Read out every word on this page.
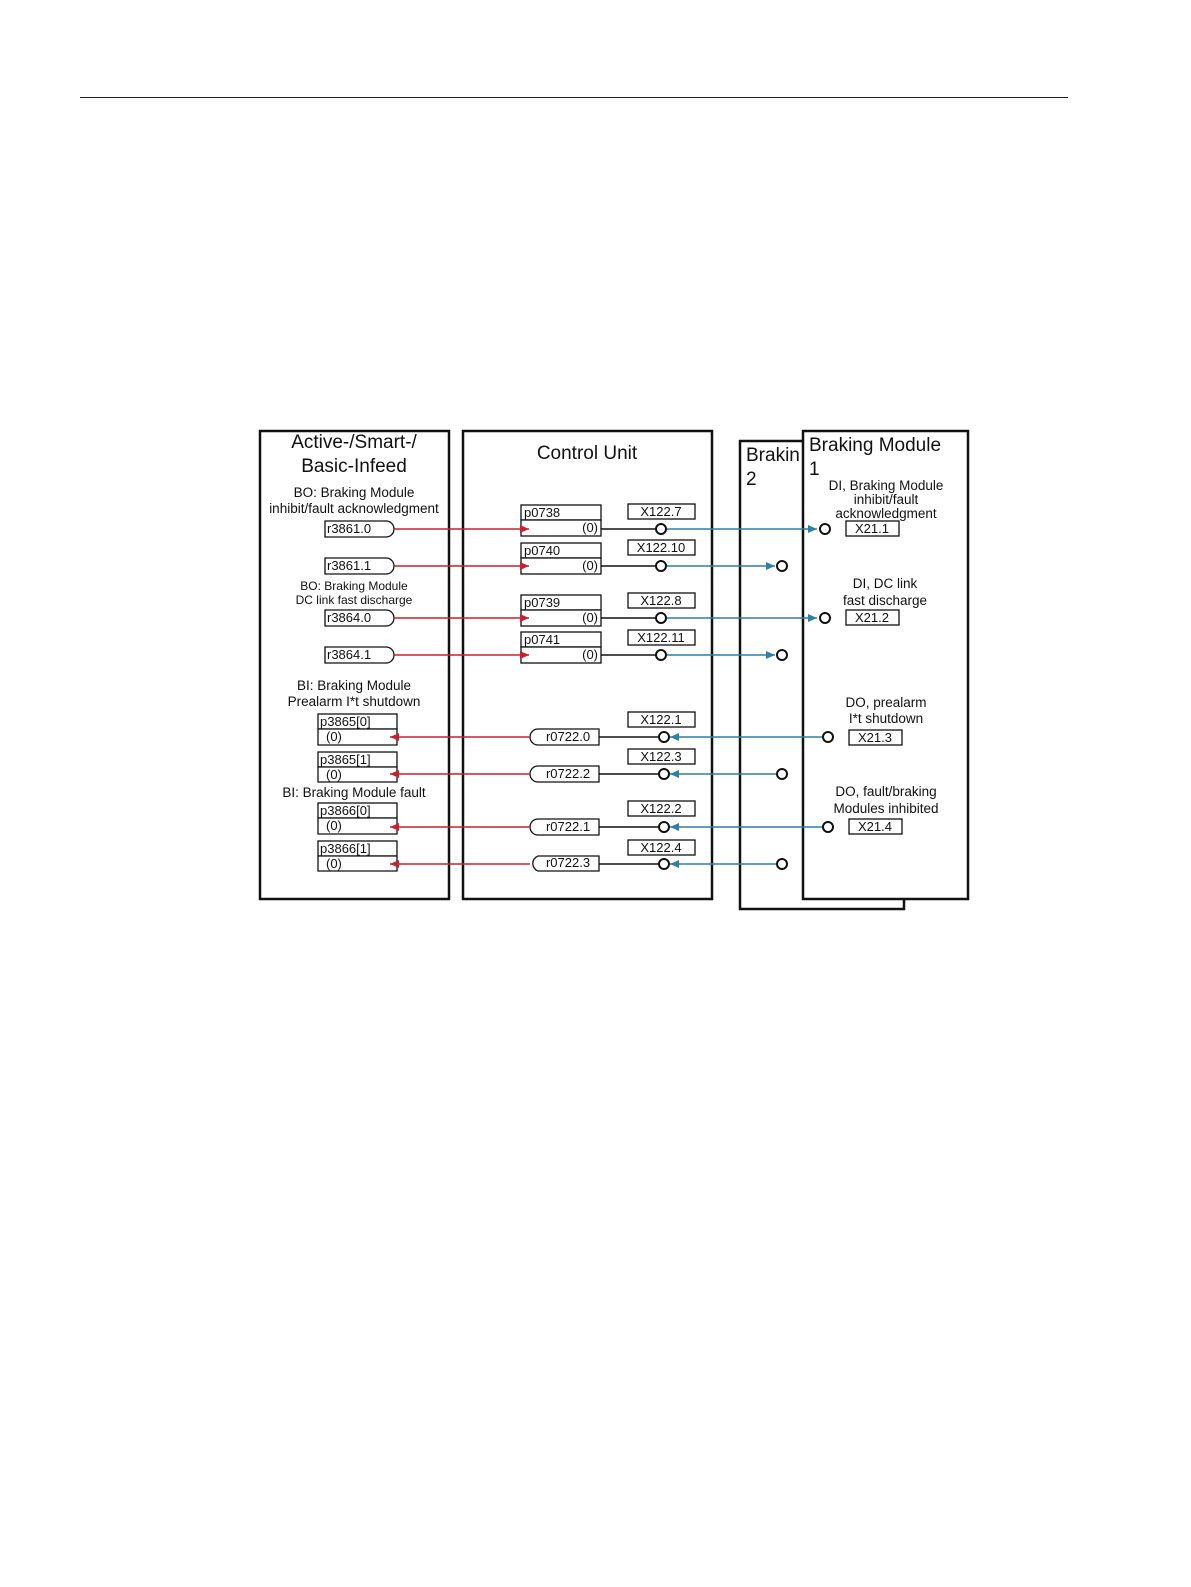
Active-/Smart-/
Basic-Infeed
BO: Braking Module
inhibit/fault acknowledgment
BO: Braking Module
DC link fast discharge
BI: Braking Module
Prealarm I*t shutdown
BI: Braking Module fault
r3861.0
r3861.1
r3864.0
r3864.1
p3865[0]
(0)
p3865[1]
(0)
p3866[0]
(0)
p3866[1]
(0)
Control Unit
p0738
(0)
p0740
(0)
p0739
(0)
p0741
(0)
X122.7
X122.10
X122.8
X122.11
X122.1
X122.3
X122.2
X122.4
r0722.0
r0722.2
r0722.1
r0722.3
Brakin
2
Braking Module
1
DI, Braking Module
inhibit/fault
acknowledgment
DI, DC link
fast discharge
DO, prealarm
I*t shutdown
DO, fault/braking
Modules inhibited
X21.1
X21.2
X21.3
X21.4
